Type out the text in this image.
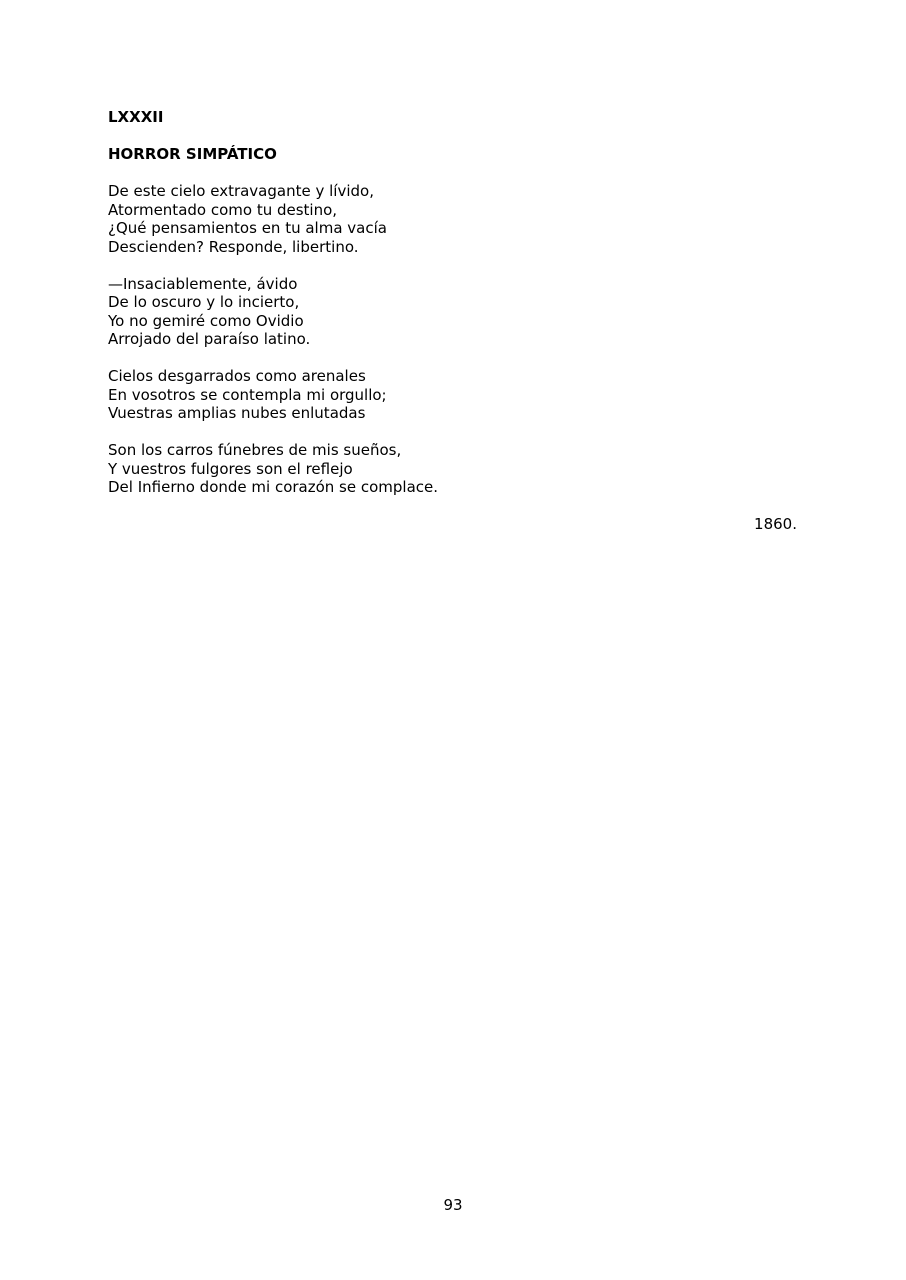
LXXXII

HORROR SIMPÁTICO

De este cielo extravagante y lívido,
Atormentado como tu destino,
¿Qué pensamientos en tu alma vacía
Descienden? Responde, libertino.
—Insaciablemente, ávido
De lo oscuro y lo incierto,
Yo no gemiré como Ovidio
Arrojado del paraíso latino.
Cielos desgarrados como arenales
En vosotros se contempla mi orgullo;
Vuestras amplias nubes enlutadas
Son los carros fúnebres de mis sueños,
Y vuestros fulgores son el reflejo
Del Infierno donde mi corazón se complace.

1860.

93
